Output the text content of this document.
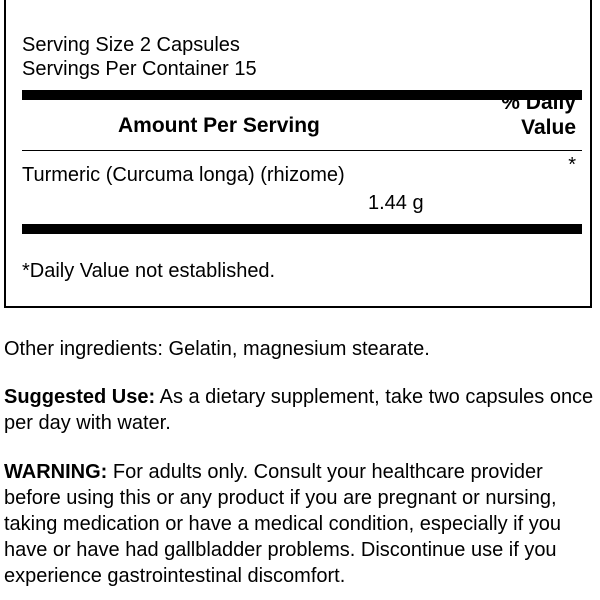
Serving Size 2 Capsules
Servings Per Container 15
Amount Per Serving
% Daily
Value
Turmeric (Curcuma longa) (rhizome)	*
1.44 g
*Daily Value not established.
Other ingredients: Gelatin, magnesium stearate.
Suggested Use: As a dietary supplement, take two capsules once per day with water.
WARNING: For adults only. Consult your healthcare provider before using this or any product if you are pregnant or nursing, taking medication or have a medical condition, especially if you have or have had gallbladder problems. Discontinue use if you experience gastrointestinal discomfort.
